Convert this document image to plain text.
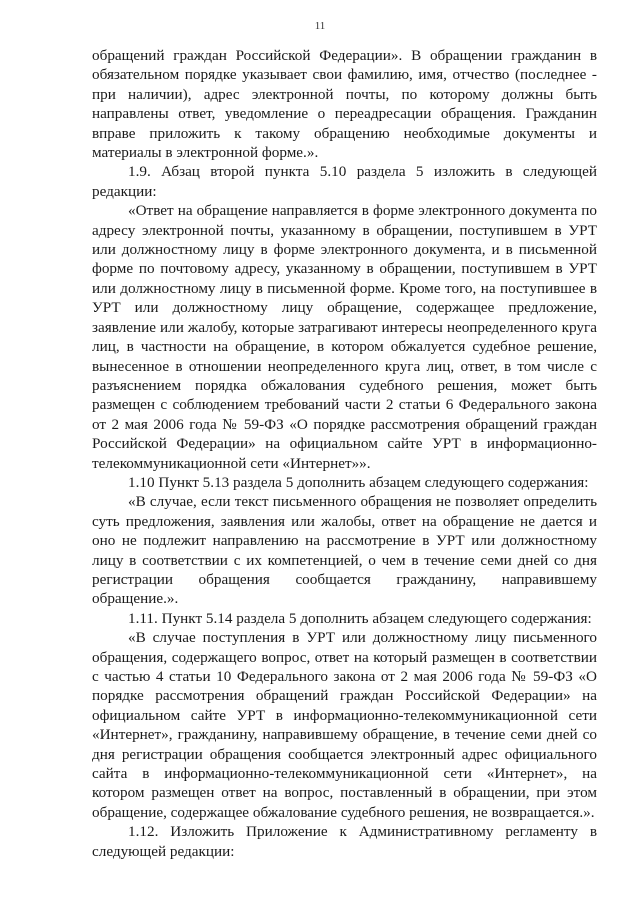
11

обращений граждан Российской Федерации». В обращении гражданин в обязательном порядке указывает свои фамилию, имя, отчество (последнее - при наличии), адрес электронной почты, по которому должны быть направлены ответ, уведомление о переадресации обращения. Гражданин вправе приложить к такому обращению необходимые документы и материалы в электронной форме.».

1.9. Абзац второй пункта 5.10 раздела 5 изложить в следующей редакции:

«Ответ на обращение направляется в форме электронного документа по адресу электронной почты, указанному в обращении, поступившем в УРТ или должностному лицу в форме электронного документа, и в письменной форме по почтовому адресу, указанному в обращении, поступившем в УРТ или должностному лицу в письменной форме. Кроме того, на поступившее в УРТ или должностному лицу обращение, содержащее предложение, заявление или жалобу, которые затрагивают интересы неопределенного круга лиц, в частности на обращение, в котором обжалуется судебное решение, вынесенное в отношении неопределенного круга лиц, ответ, в том числе с разъяснением порядка обжалования судебного решения, может быть размещен с соблюдением требований части 2 статьи 6 Федерального закона от 2 мая 2006 года № 59-ФЗ «О порядке рассмотрения обращений граждан Российской Федерации» на официальном сайте УРТ в информационно-телекоммуникационной сети «Интернет»».

1.10 Пункт 5.13 раздела 5 дополнить абзацем следующего содержания:

«В случае, если текст письменного обращения не позволяет определить суть предложения, заявления или жалобы, ответ на обращение не дается и оно не подлежит направлению на рассмотрение в УРТ или должностному лицу в соответствии с их компетенцией, о чем в течение семи дней со дня регистрации обращения сообщается гражданину, направившему обращение.».

1.11. Пункт 5.14 раздела 5 дополнить абзацем следующего содержания:

«В случае поступления в УРТ или должностному лицу письменного обращения, содержащего вопрос, ответ на который размещен в соответствии с частью 4 статьи 10 Федерального закона от 2 мая 2006 года № 59-ФЗ «О порядке рассмотрения обращений граждан Российской Федерации» на официальном сайте УРТ в информационно-телекоммуникационной сети «Интернет», гражданину, направившему обращение, в течение семи дней со дня регистрации обращения сообщается электронный адрес официального сайта в информационно-телекоммуникационной сети «Интернет», на котором размещен ответ на вопрос, поставленный в обращении, при этом обращение, содержащее обжалование судебного решения, не возвращается.».

1.12. Изложить Приложение к Административному регламенту в следующей редакции:
